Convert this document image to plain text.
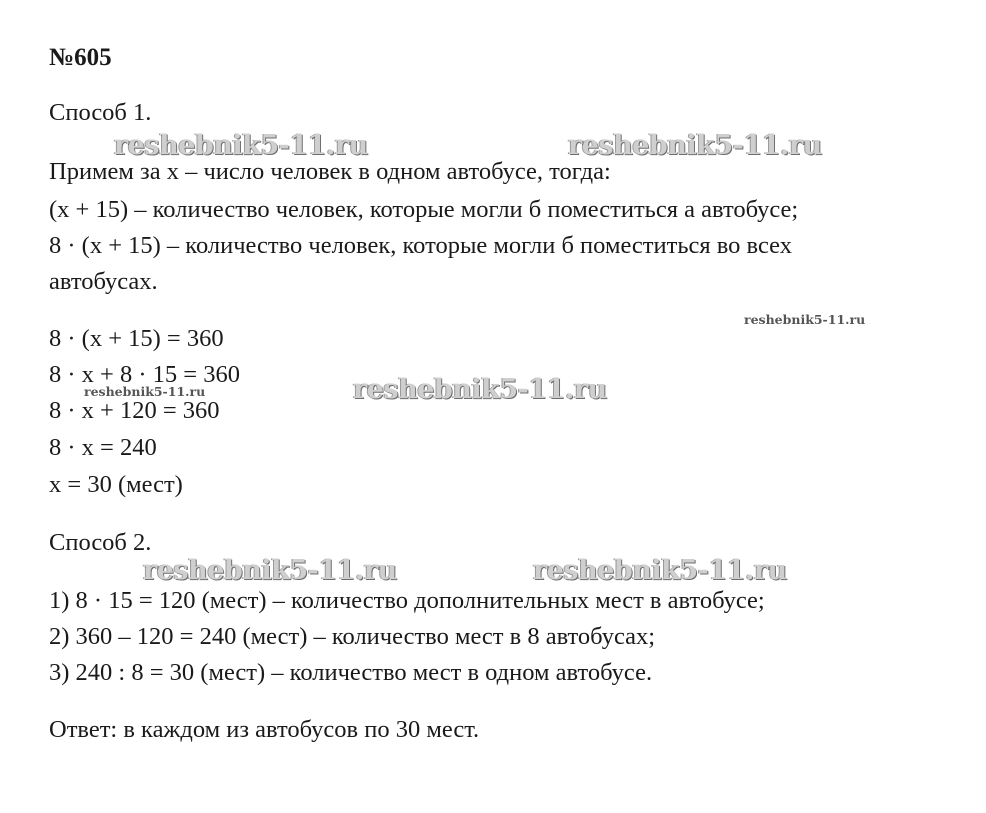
№605
Способ 1.
Примем за х – число человек в одном автобусе, тогда:
(х + 15) – количество человек, которые могли б поместиться а автобусе;
8 · (х + 15) – количество человек, которые могли б поместиться во всех
автобусах.
8 · (х + 15) = 360
8 · х + 8 · 15 = 360
8 · х + 120 = 360
8 · х = 240
х = 30 (мест)
Способ 2.
1) 8 · 15 = 120 (мест) – количество дополнительных мест в автобусе;
2) 360 – 120 = 240 (мест) – количество мест в 8 автобусах;
3) 240 : 8 = 30 (мест) – количество мест в одном автобусе.
Ответ: в каждом из автобусов по 30 мест.
reshebnik5-11.ru	reshebnik5-11.ru
reshebnik5-11.ru
reshebnik5-11.ru	reshebnik5-11.ru
reshebnik5-11.ru	reshebnik5-11.ru
